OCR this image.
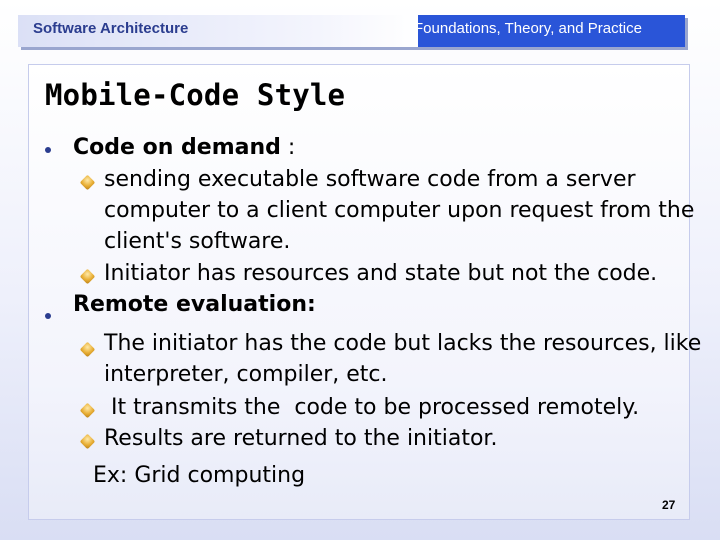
Software Architecture	Foundations, Theory, and Practice
Mobile-Code Style
Code on demand :
sending executable software code from a server
computer to a client computer upon request from the
client's software.
Initiator has resources and state but not the code.
Remote evaluation:
The initiator has the code but lacks the resources, like
interpreter, compiler, etc.
It transmits the  code to be processed remotely.
Results are returned to the initiator.
Ex: Grid computing
27
